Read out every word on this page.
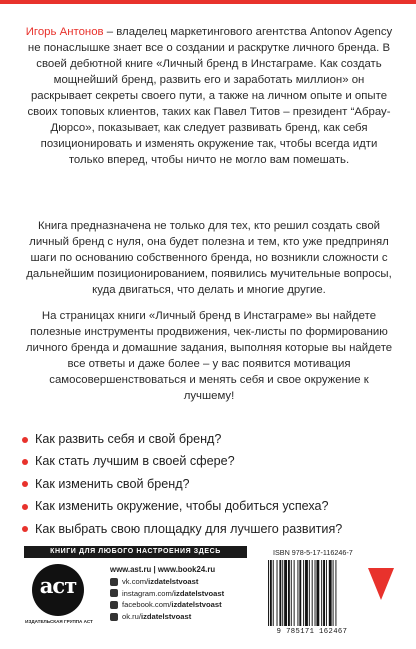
Игорь Антонов – владелец маркетингового агентства Antonov Agency не понаслышке знает все о создании и раскрутке личного бренда. В своей дебютной книге «Личный бренд в Инстаграме. Как создать мощнейший бренд, развить его и заработать миллион» он раскрывает секреты своего пути, а также на личном опыте и опыте своих топовых клиентов, таких как Павел Титов – президент “Абрау-Дюрсо», показывает, как следует развивать бренд, как себя позиционировать и изменять окружение так, чтобы всегда идти только вперед, чтобы ничто не могло вам помешать.
Книга предназначена не только для тех, кто решил создать свой личный бренд с нуля, она будет полезна и тем, кто уже предпринял шаги по основанию собственного бренда, но возникли сложности с дальнейшим позиционированием, появились мучительные вопросы, куда двигаться, что делать и многие другие.
На страницах книги «Личный бренд в Инстаграме» вы найдете полезные инструменты продвижения, чек-листы по формированию личного бренда и домашние задания, выполняя которые вы найдете все ответы и даже более – у вас появится мотивация самосовершенствоваться и менять себя и свое окружение к лучшему!
Как развить себя и свой бренд?
Как стать лучшим в своей сфере?
Как изменить свой бренд?
Как изменить окружение, чтобы добиться успеха?
Как выбрать свою площадку для лучшего развития?
КНИГИ ДЛЯ ЛЮБОГО НАСТРОЕНИЯ ЗДЕСЬ
аст
ИЗДАТЕЛЬСКАЯ ГРУППА АСТ
www.ast.ru | www.book24.ru
vk.com/ izdatelstvoast
instagram.com/ izdatelstvoast
facebook.com/ izdatelstvoast
ok.ru/ izdatelstvoast
ISBN 978-5-17-116246-7
9 785171 162467
